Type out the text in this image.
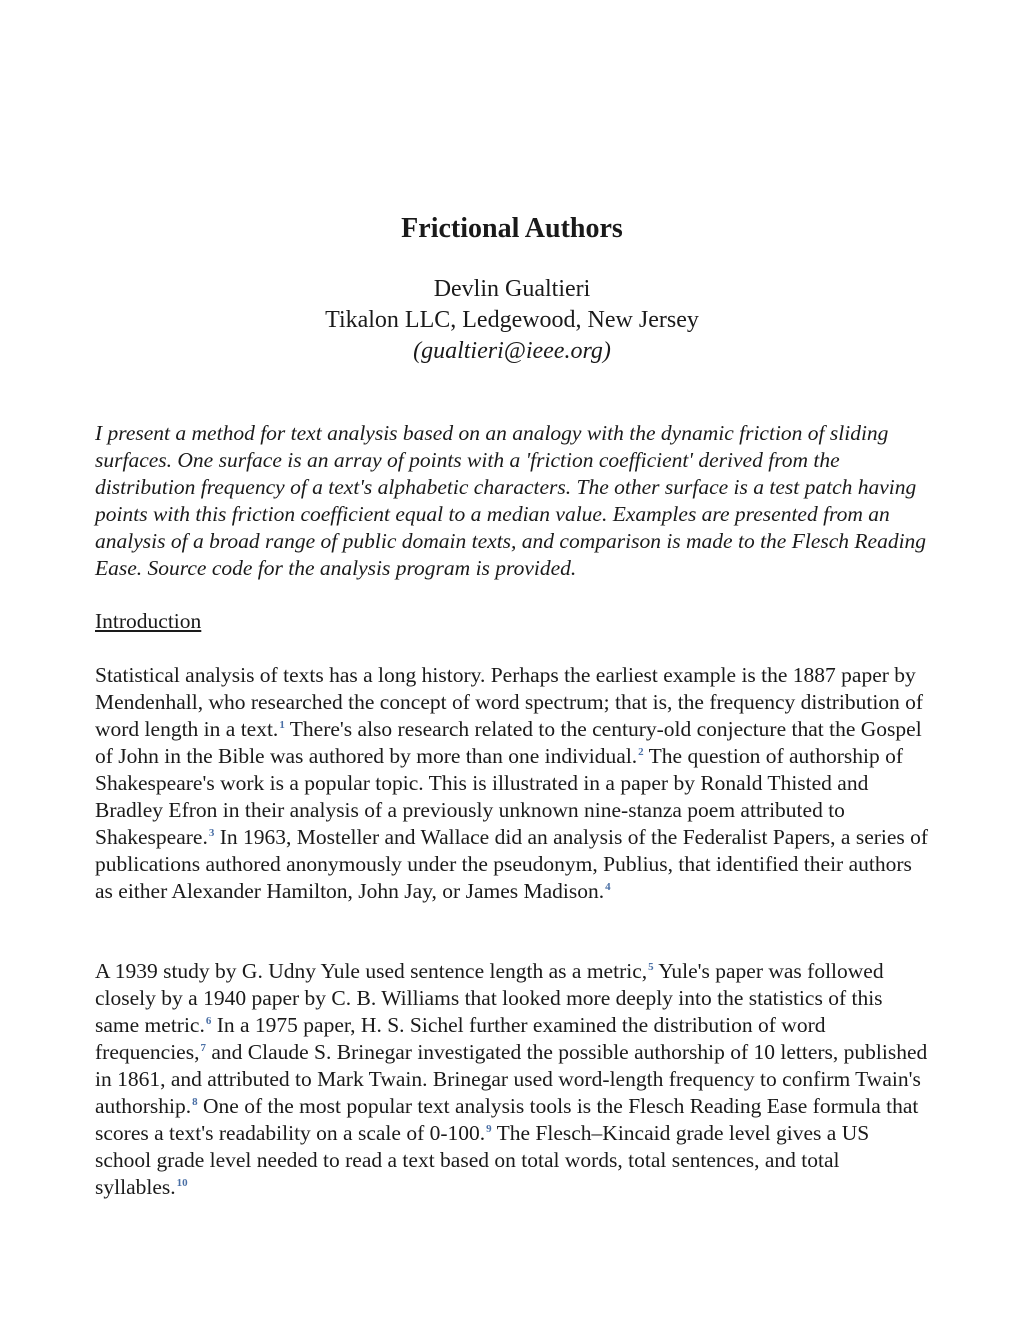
Frictional Authors
Devlin Gualtieri
Tikalon LLC, Ledgewood, New Jersey
(gualtieri@ieee.org)

I present a method for text analysis based on an analogy with the dynamic friction of sliding surfaces. One surface is an array of points with a 'friction coefficient' derived from the distribution frequency of a text's alphabetic characters. The other surface is a test patch having points with this friction coefficient equal to a median value. Examples are presented from an analysis of a broad range of public domain texts, and comparison is made to the Flesch Reading Ease. Source code for the analysis program is provided.

Introduction

Statistical analysis of texts has a long history. Perhaps the earliest example is the 1887 paper by Mendenhall, who researched the concept of word spectrum; that is, the frequency distribution of word length in a text.$^1$ There's also research related to the century-old conjecture that the Gospel of John in the Bible was authored by more than one individual.$^2$ The question of authorship of Shakespeare's work is a popular topic. This is illustrated in a paper by Ronald Thisted and Bradley Efron in their analysis of a previously unknown nine-stanza poem attributed to Shakespeare.$^3$ In 1963, Mosteller and Wallace did an analysis of the Federalist Papers, a series of publications authored anonymously under the pseudonym, Publius, that identified their authors as either Alexander Hamilton, John Jay, or James Madison.$^4$

A 1939 study by G. Udny Yule used sentence length as a metric,$^5$ Yule's paper was followed closely by a 1940 paper by C. B. Williams that looked more deeply into the statistics of this same metric.$^6$ In a 1975 paper, H. S. Sichel further examined the distribution of word frequencies,$^7$ and Claude S. Brinegar investigated the possible authorship of 10 letters, published in 1861, and attributed to Mark Twain. Brinegar used word-length frequency to confirm Twain's authorship.$^8$ One of the most popular text analysis tools is the Flesch Reading Ease formula that scores a text's readability on a scale of 0-100.$^9$ The Flesch–Kincaid grade level gives a US school grade level needed to read a text based on total words, total sentences, and total syllables.$^{10}$
